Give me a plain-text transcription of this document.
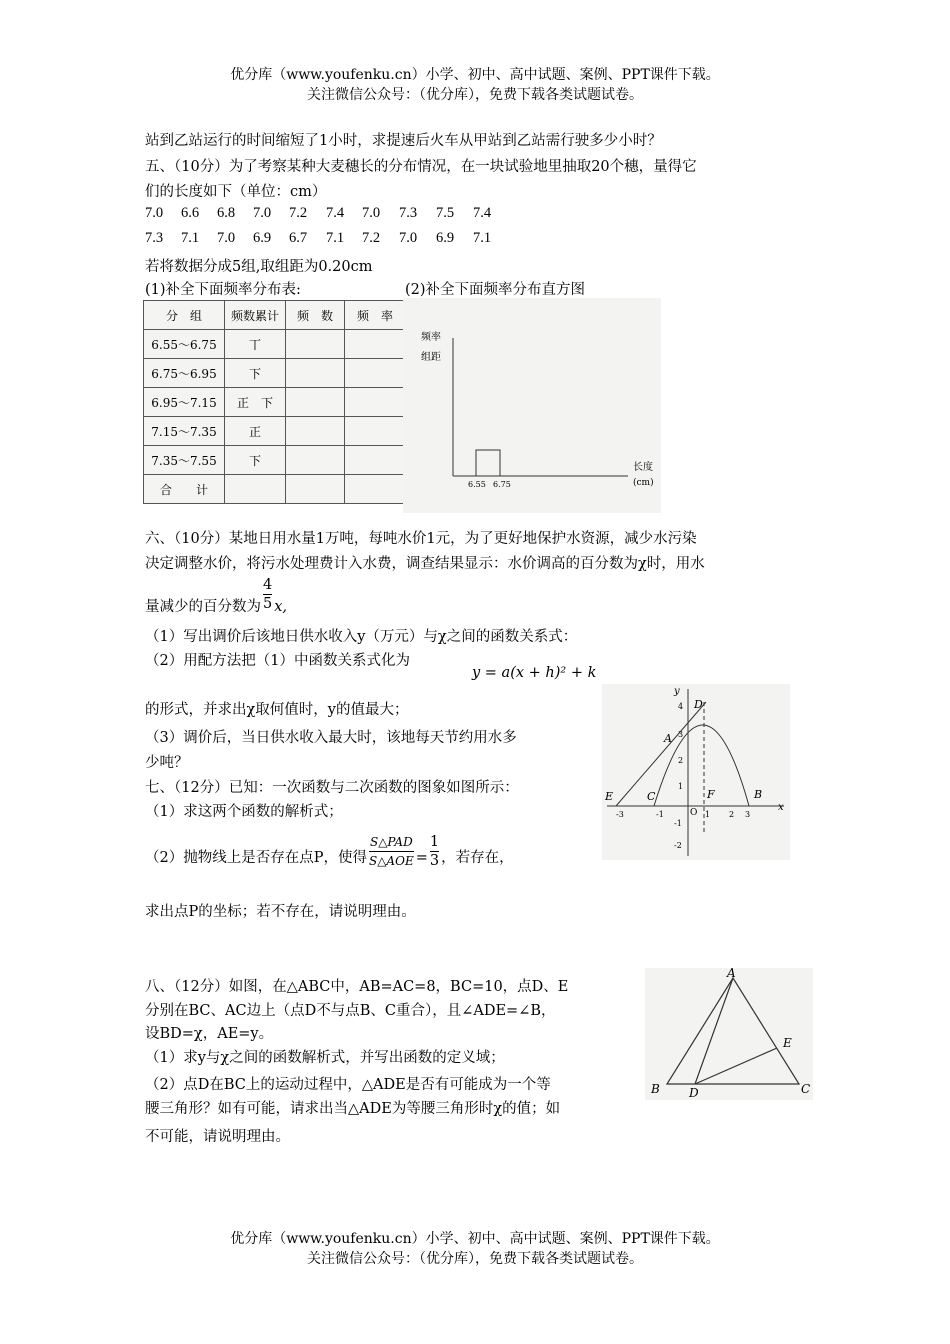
优分库（www.youfenku.cn）小学、初中、高中试题、案例、PPT课件下载。
关注微信公众号：（优分库），免费下载各类试题试卷。
站到乙站运行的时间缩短了1小时，求提速后火车从甲站到乙站需行驶多少小时？
五、（10分）为了考察某种大麦穗长的分布情况，在一块试验地里抽取20个穗，量得它
们的长度如下（单位：cm）
7.0 6.6 6.8 7.0 7.2 7.4 7.0 7.3 7.5 7.4
7.3 7.1 7.0 6.9 6.7 7.1 7.2 7.0 6.9 7.1
若将数据分成5组,取组距为0.20cm
(1)补全下面频率分布表:	(2)补全下面频率分布直方图
分　组	频数累计	频　数	频　率
6.55～6.75	丅		
6.75～6.95	下		
6.95～7.15	正　下		
7.15～7.35	正		
7.35～7.55	下		
合　　计			
频率
组距
长度
(cm)
6.55 6.75
六、（10分）某地日用水量1万吨，每吨水价1元，为了更好地保护水资源，减少水污染
决定调整水价，将污水处理费计入水费，调查结果显示：水价调高的百分数为χ时，用水
量减少的百分数为 $\frac{4}{5} x$,
（1）写出调价后该地日供水收入y（万元）与χ之间的函数关系式：
（2）用配方法把（1）中函数关系式化为
y = a(x + h)² + k
的形式，并求出χ取何值时，y的值最大；
（3）调价后，当日供水收入最大时，该地每天节约用水多
少吨？
七、（12分）已知：一次函数与二次函数的图象如图所示：
（1）求这两个函数的解析式；
（2）抛物线上是否存在点P，使得 $\frac{\text{S△PAD}}{\text{S△AOE}} = \frac{1}{3}$ ，若存在，
求出点P的坐标；若不存在，请说明理由。
D
A
C
E	F	B
x
y
O
-3	-1	1 2 3
4
3
2
1
-1
-2
八、（12分）如图，在△ABC中，AB=AC=8，BC=10，点D、E
分别在BC、AC边上（点D不与点B、C重合），且∠ADE=∠B，
设BD=χ，AE=y。
（1）求y与χ之间的函数解析式，并写出函数的定义域；
（2）点D在BC上的运动过程中，△ADE是否有可能成为一个等
腰三角形？如有可能，请求出当△ADE为等腰三角形时χ的值；如
不可能，请说明理由。
A
B	C
D
E
优分库（www.youfenku.cn）小学、初中、高中试题、案例、PPT课件下载。
关注微信公众号：（优分库），免费下载各类试题试卷。
